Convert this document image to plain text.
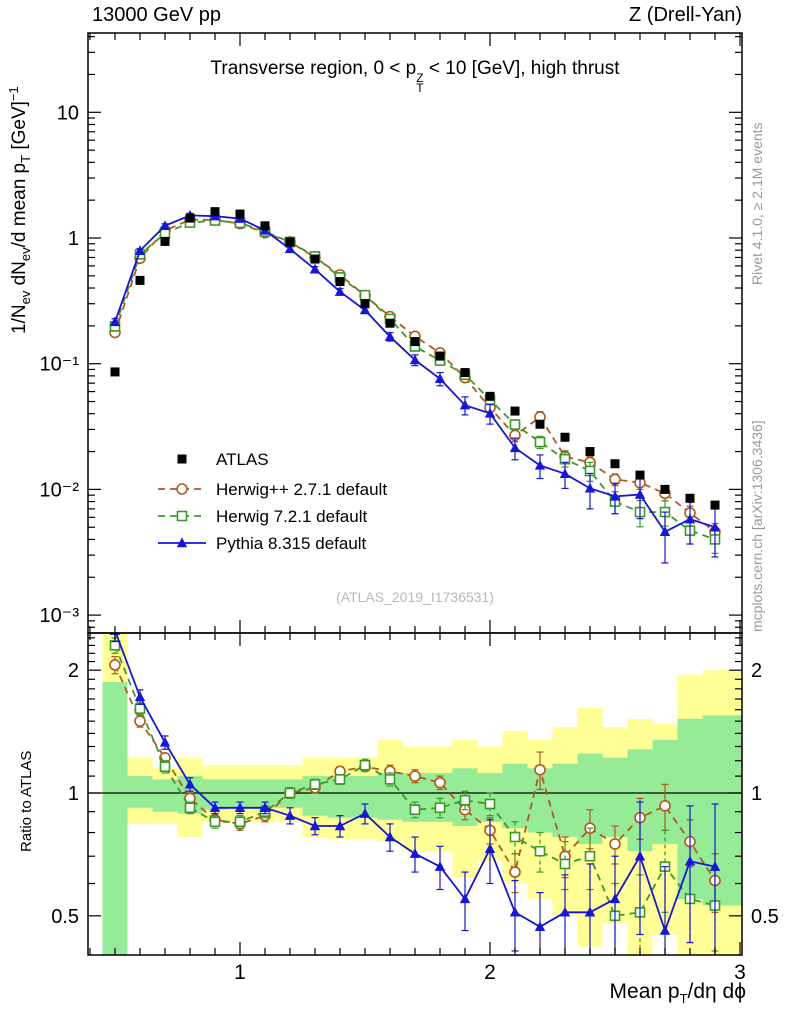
10
1
10⁻¹
10⁻²
10⁻³
2	2
1	1
0.5	0.5
1	2	3
ATLAS
Herwig++ 2.7.1 default
Herwig 7.2.1 default
Pythia 8.315 default
13000 GeV pp	Z (Drell-Yan)
Transverse region, 0 < p Z
T
< 10 [GeV], high thrust
$1/N_{ev}$ $dN_{ev}/d$ mean $p_T$ [GeV]$^{-1}$
Mean $p_T/d\eta$ dϕ
Ratio to ATLAS
Rivet 4.1.0, ≥ 2.1M events
mcplots.cern.ch [arXiv:1306.3436]
(ATLAS_2019_I1736531)
